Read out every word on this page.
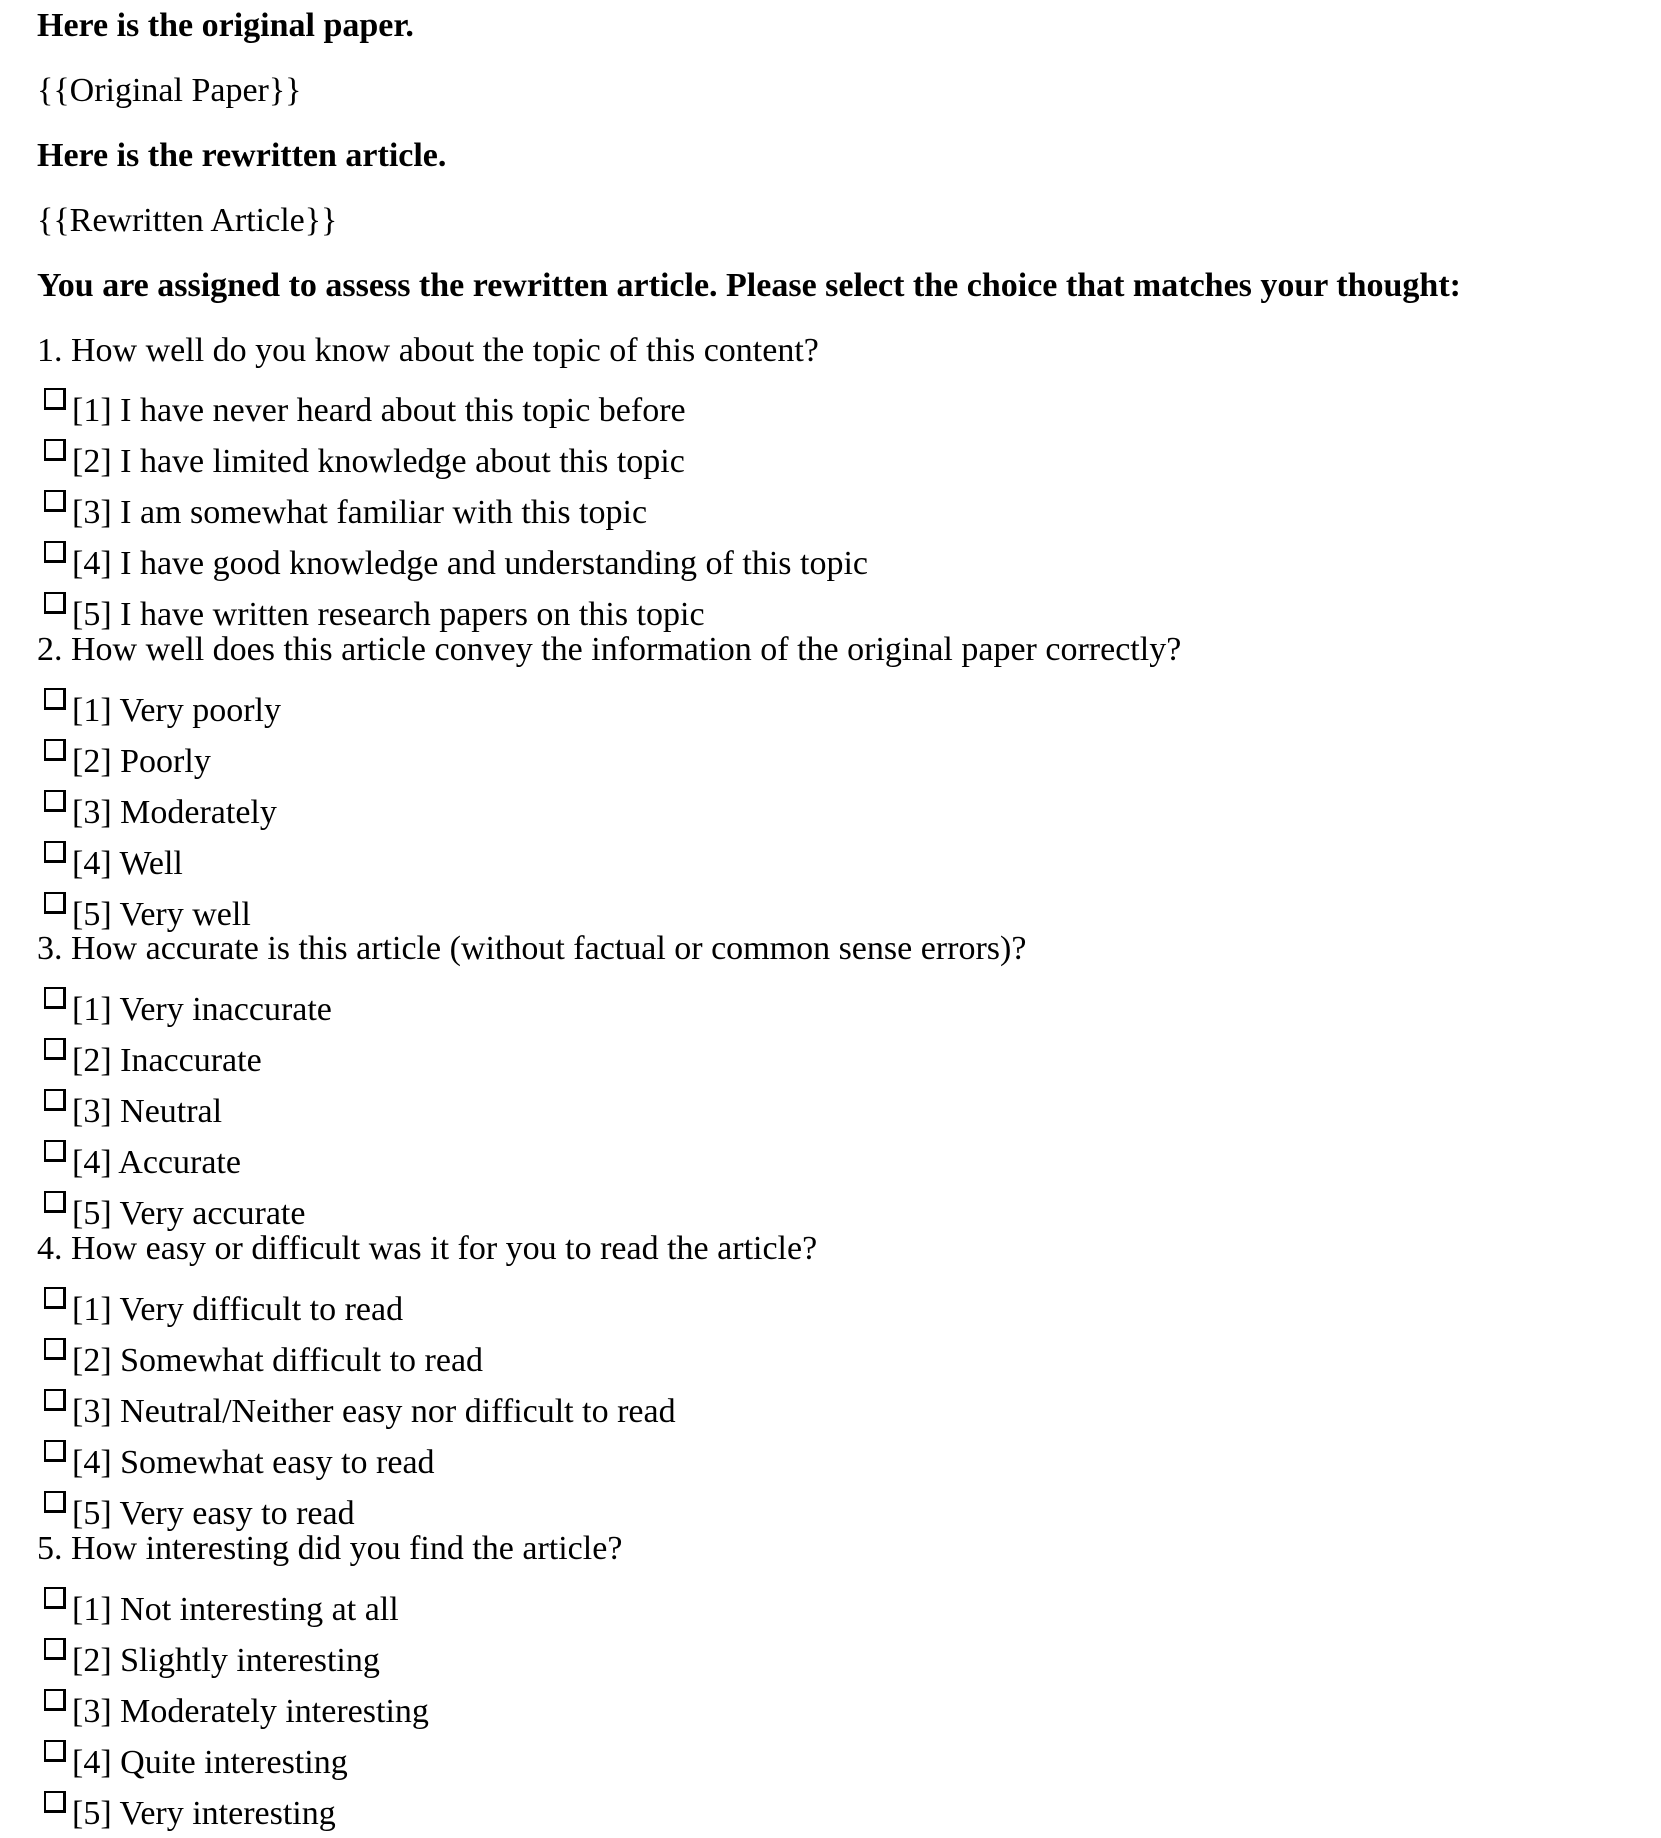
Here is the original paper.
{{Original Paper}}
Here is the rewritten article.
{{Rewritten Article}}
You are assigned to assess the rewritten article. Please select the choice that matches your thought:
1. How well do you know about the topic of this content?
[1] I have never heard about this topic before
[2] I have limited knowledge about this topic
[3] I am somewhat familiar with this topic
[4] I have good knowledge and understanding of this topic
[5] I have written research papers on this topic
2. How well does this article convey the information of the original paper correctly?
[1] Very poorly
[2] Poorly
[3] Moderately
[4] Well
[5] Very well
3. How accurate is this article (without factual or common sense errors)?
[1] Very inaccurate
[2] Inaccurate
[3] Neutral
[4] Accurate
[5] Very accurate
4. How easy or difficult was it for you to read the article?
[1] Very difficult to read
[2] Somewhat difficult to read
[3] Neutral/Neither easy nor difficult to read
[4] Somewhat easy to read
[5] Very easy to read
5. How interesting did you find the article?
[1] Not interesting at all
[2] Slightly interesting
[3] Moderately interesting
[4] Quite interesting
[5] Very interesting
